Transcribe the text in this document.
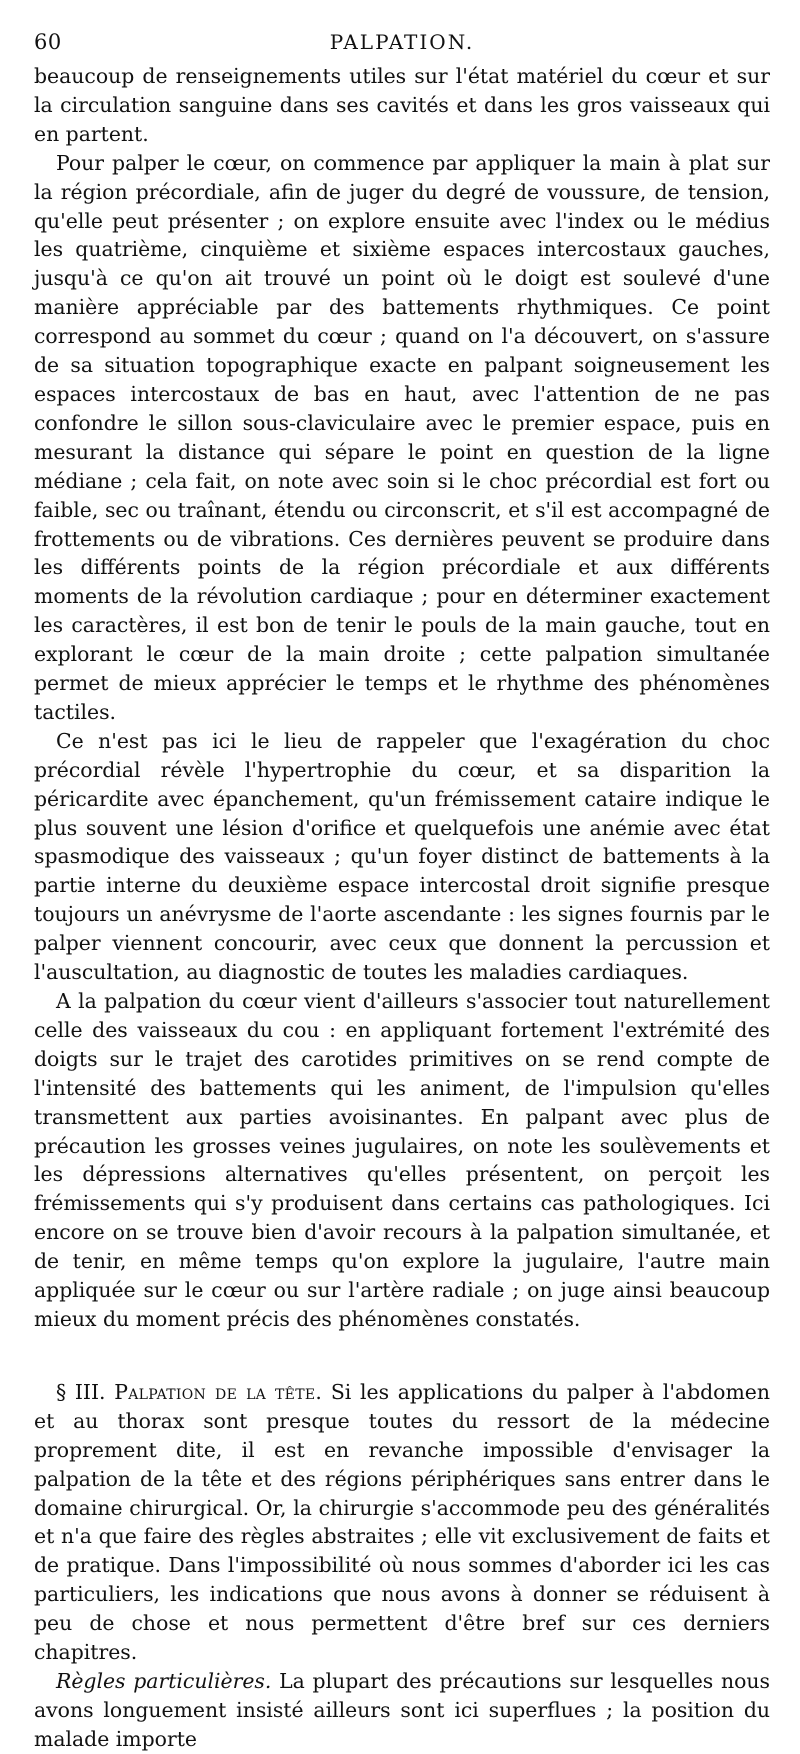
60	PALPATION.

beaucoup de renseignements utiles sur l'état matériel du cœur et sur la circulation sanguine dans ses cavités et dans les gros vaisseaux qui en partent.

Pour palper le cœur, on commence par appliquer la main à plat sur la région précordiale, afin de juger du degré de voussure, de tension, qu'elle peut présenter ; on explore ensuite avec l'index ou le médius les quatrième, cinquième et sixième espaces intercostaux gauches, jusqu'à ce qu'on ait trouvé un point où le doigt est soulevé d'une manière appréciable par des battements rhythmiques. Ce point correspond au sommet du cœur ; quand on l'a découvert, on s'assure de sa situation topographique exacte en palpant soigneusement les espaces intercostaux de bas en haut, avec l'attention de ne pas confondre le sillon sous-claviculaire avec le premier espace, puis en mesurant la distance qui sépare le point en question de la ligne médiane ; cela fait, on note avec soin si le choc précordial est fort ou faible, sec ou traînant, étendu ou circonscrit, et s'il est accompagné de frottements ou de vibrations. Ces dernières peuvent se produire dans les différents points de la région précordiale et aux différents moments de la révolution cardiaque ; pour en déterminer exactement les caractères, il est bon de tenir le pouls de la main gauche, tout en explorant le cœur de la main droite ; cette palpation simultanée permet de mieux apprécier le temps et le rhythme des phénomènes tactiles.

Ce n'est pas ici le lieu de rappeler que l'exagération du choc précordial révèle l'hypertrophie du cœur, et sa disparition la péricardite avec épanchement, qu'un frémissement cataire indique le plus souvent une lésion d'orifice et quelquefois une anémie avec état spasmodique des vaisseaux ; qu'un foyer distinct de battements à la partie interne du deuxième espace intercostal droit signifie presque toujours un anévrysme de l'aorte ascendante : les signes fournis par le palper viennent concourir, avec ceux que donnent la percussion et l'auscultation, au diagnostic de toutes les maladies cardiaques.

A la palpation du cœur vient d'ailleurs s'associer tout naturellement celle des vaisseaux du cou : en appliquant fortement l'extrémité des doigts sur le trajet des carotides primitives on se rend compte de l'intensité des battements qui les animent, de l'impulsion qu'elles transmettent aux parties avoisinantes. En palpant avec plus de précaution les grosses veines jugulaires, on note les soulèvements et les dépressions alternatives qu'elles présentent, on perçoit les frémissements qui s'y produisent dans certains cas pathologiques. Ici encore on se trouve bien d'avoir recours à la palpation simultanée, et de tenir, en même temps qu'on explore la jugulaire, l'autre main appliquée sur le cœur ou sur l'artère radiale ; on juge ainsi beaucoup mieux du moment précis des phénomènes constatés.

§ III. Palpation de la tête. Si les applications du palper à l'abdomen et au thorax sont presque toutes du ressort de la médecine proprement dite, il est en revanche impossible d'envisager la palpation de la tête et des régions périphériques sans entrer dans le domaine chirurgical. Or, la chirurgie s'accommode peu des généralités et n'a que faire des règles abstraites ; elle vit exclusivement de faits et de pratique. Dans l'impossibilité où nous sommes d'aborder ici les cas particuliers, les indications que nous avons à donner se réduisent à peu de chose et nous permettent d'être bref sur ces derniers chapitres.

Règles particulières. La plupart des précautions sur lesquelles nous avons longuement insisté ailleurs sont ici superflues ; la position du malade importe
